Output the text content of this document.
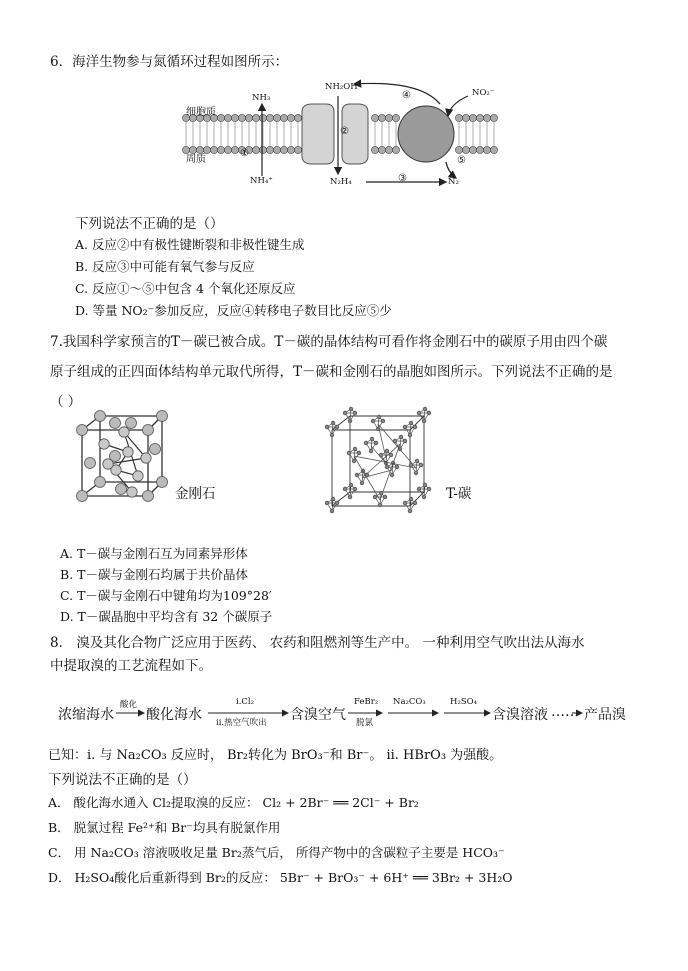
6．海洋生物参与氮循环过程如图所示：
细胞质
周质
NH₃
NH₂OH
NO₂⁻
NH₄⁺	N₂H₄	N₂
①
②
③
④
⑤
下列说法不正确的是（）
A. 反应②中有极性键断裂和非极性键生成
B. 反应③中可能有氧气参与反应
C. 反应①～⑤中包含 4 个氧化还原反应
D. 等量 NO₂⁻参加反应，反应④转移电子数目比反应⑤少
7.我国科学家预言的T－碳已被合成。T－碳的晶体结构可看作将金刚石中的碳原子用由四个碳
原子组成的正四面体结构单元取代所得，T－碳和金刚石的晶胞如图所示。下列说法不正确的是
（ ）
金刚石	T-碳
A. T－碳与金刚石互为同素异形体
B. T－碳与金刚石均属于共价晶体
C. T－碳与金刚石中键角均为109°28′
D. T－碳晶胞中平均含有 32 个碳原子
8． 溴及其化合物广泛应用于医药、 农药和阻燃剂等生产中。 一种利用空气吹出法从海水
中提取溴的工艺流程如下。
浓缩海水
酸化
酸化海水
i.Cl₂
ii.热空气吹出 含溴空气
FeBr₂
脱氯
Na₂CO₃	H₂SO₄
含溴溶液 …… 产品溴
已知：i. 与 Na₂CO₃ 反应时， Br₂转化为 BrO₃⁻和 Br⁻。 ii. HBrO₃ 为强酸。
下列说法不正确的是（）
A． 酸化海水通入 Cl₂提取溴的反应： Cl₂ + 2Br⁻ ══ 2Cl⁻ + Br₂
B． 脱氯过程 Fe²⁺和 Br⁻均具有脱氯作用
C． 用 Na₂CO₃ 溶液吸收足量 Br₂蒸气后， 所得产物中的含碳粒子主要是 HCO₃⁻
D． H₂SO₄酸化后重新得到 Br₂的反应： 5Br⁻ + BrO₃⁻ + 6H⁺ ══ 3Br₂ + 3H₂O
